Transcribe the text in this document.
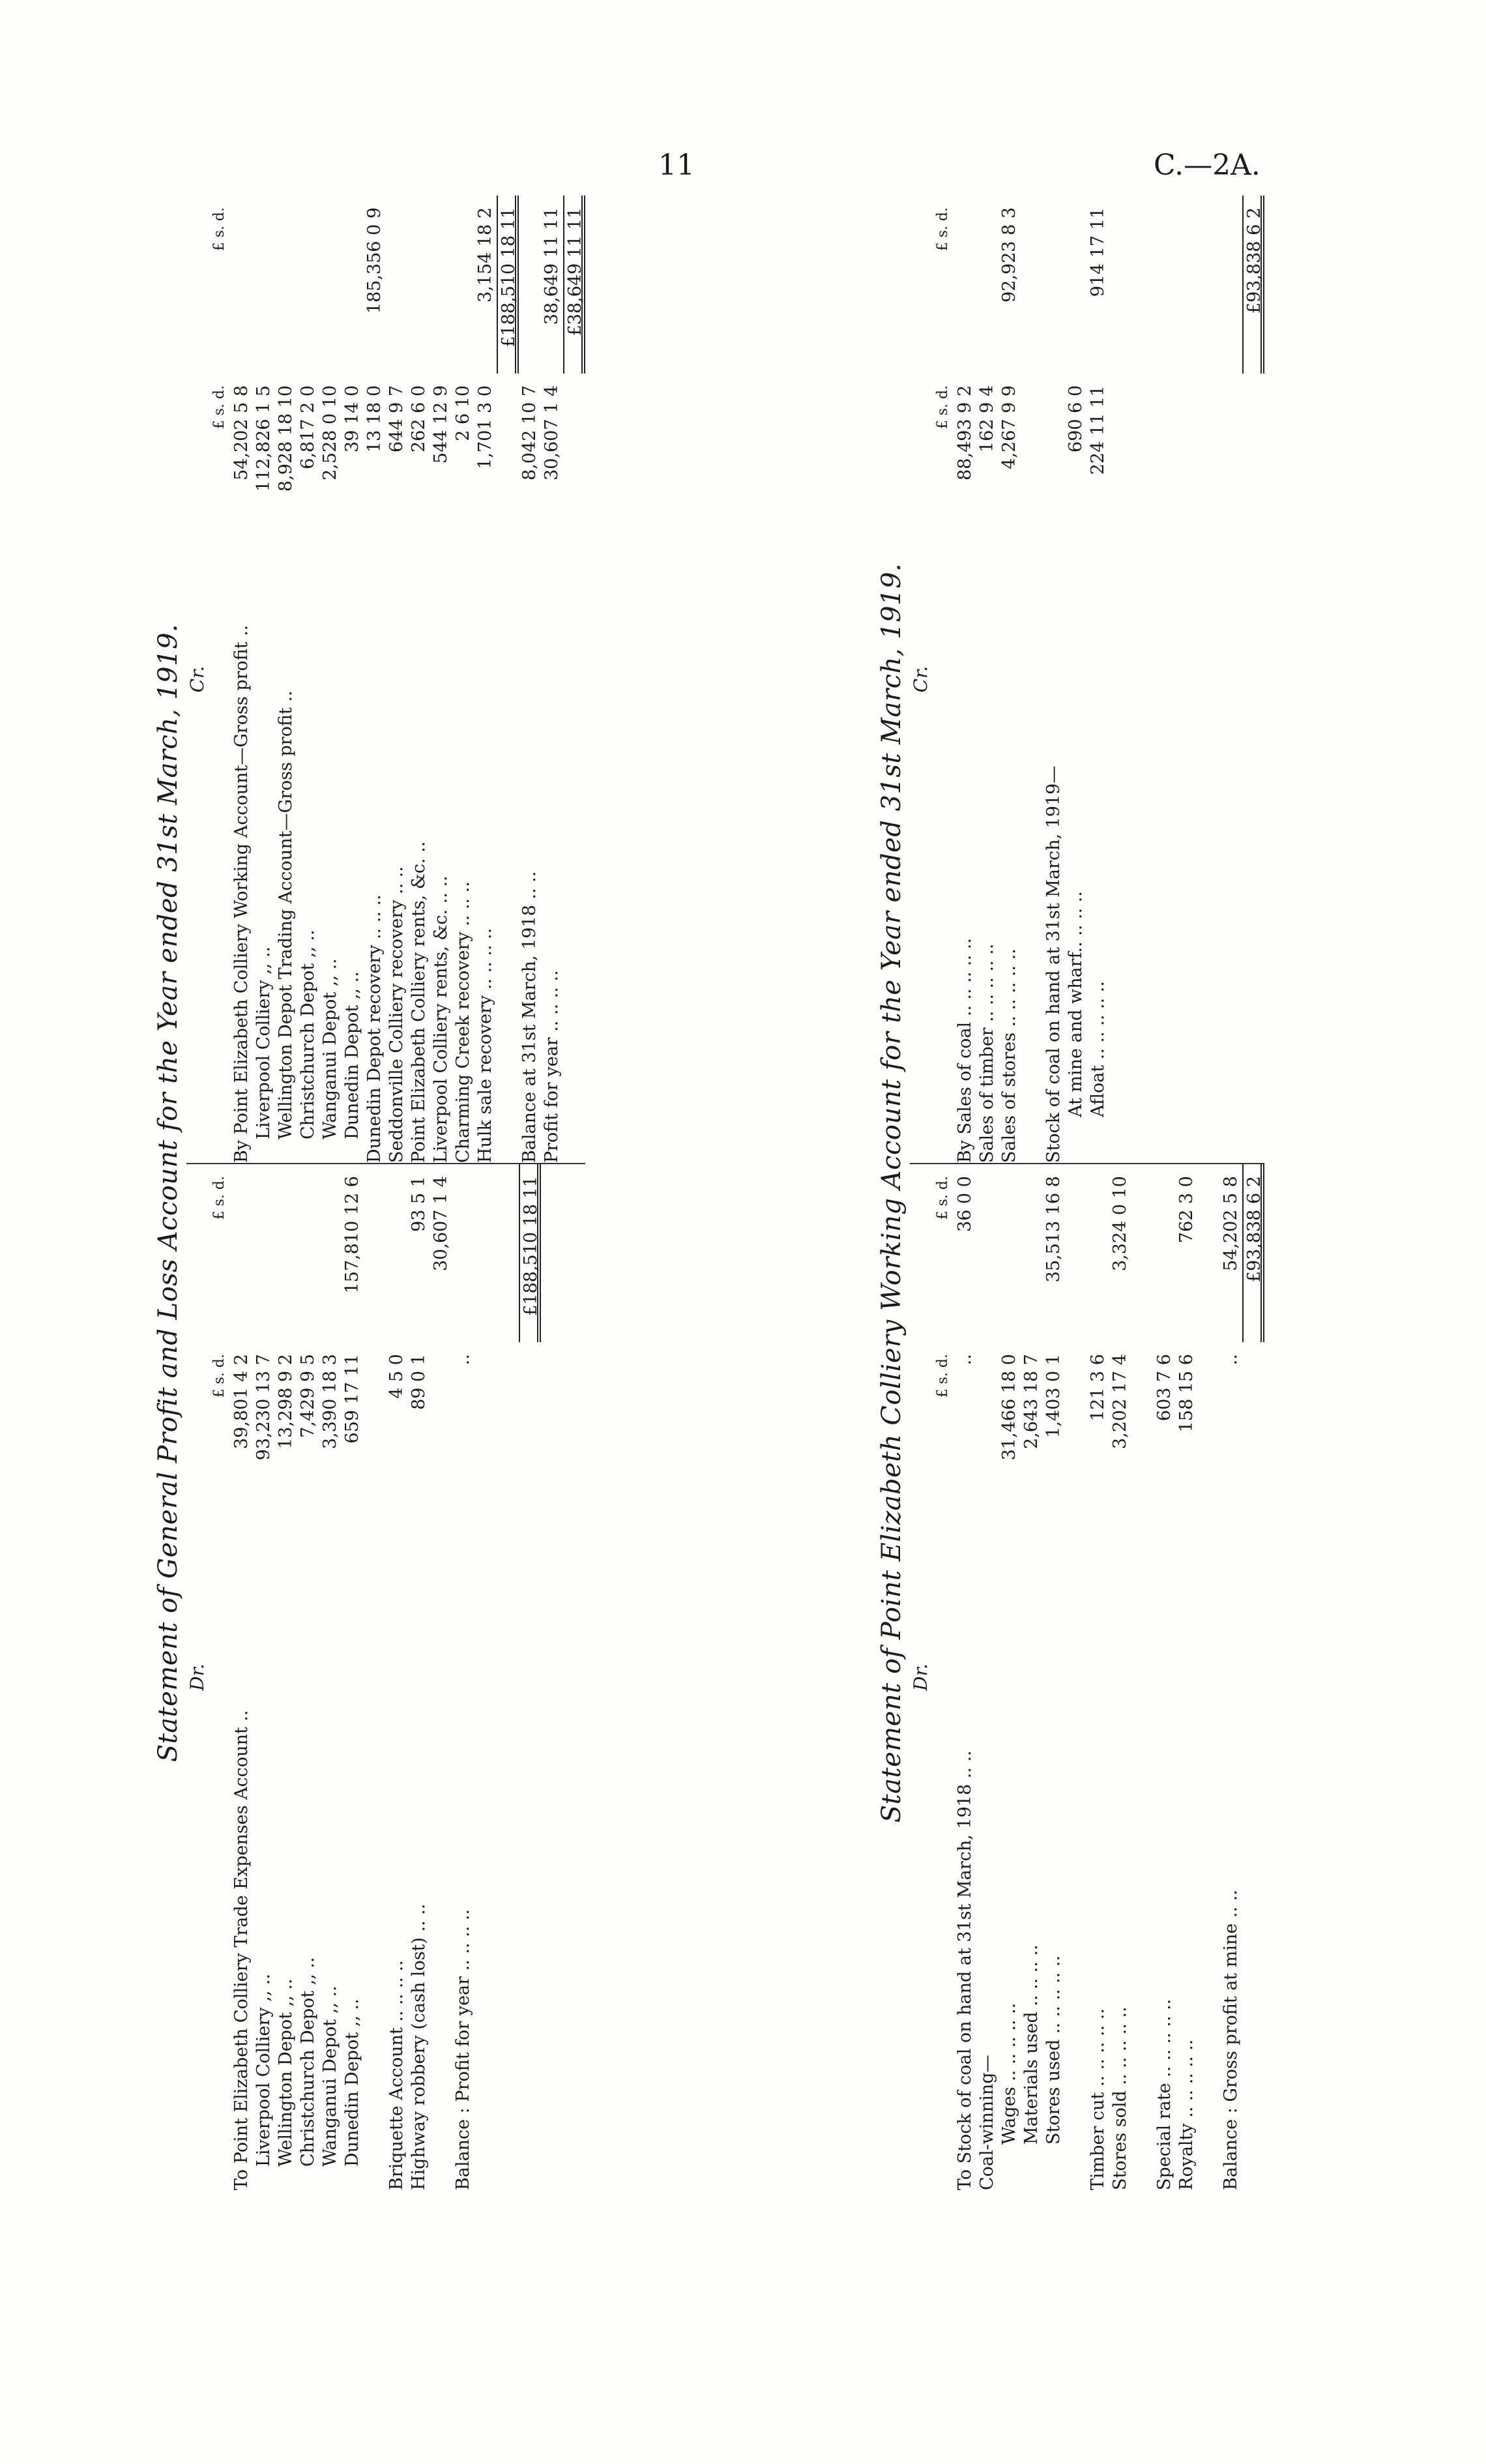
11	C.—2A.
Statement of General Profit and Loss Account for the Year ended 31st March, 1919. Dr.
£ s. d.
£ s. d.
To Point Elizabeth Colliery Trade Expenses Account ..
39,801 4 2
Liverpool Colliery ,, ..
93,230 13 7
Wellington Depot ,, ..
13,298 9 2
Christchurch Depot ,, ..
7,429 9 5
Wanganui Depot ,, ..
3,390 18 3
Dunedin Depot ,, ..
659 17 11
157,810 12 6
Briquette Account .. .. .. ..
4 5 0
Highway robbery (cash lost) .. ..
89 0 1
93 5 1 30,607 1 4
Balance : Profit for year .. .. .. ..
..
£188,510 18 11
Cr.
£ s. d.
£ s. d.
By Point Elizabeth Colliery Working Account—Gross profit ..
54,202 5 8
Liverpool Colliery ,, ..
112,826 1 5
Wellington Depot Trading Account—Gross profit ..
8,928 18 10
Christchurch Depot ,, ..
6,817 2 0
Wanganui Depot ,, ..
2,528 0 10
Dunedin Depot ,, ..
39 14 0
Dunedin Depot recovery .. .. ..
13 18 0
185,356 0 9
Seddonville Colliery recovery .. ..
644 9 7
Point Elizabeth Colliery rents, &c. ..
262 6 0
Liverpool Colliery rents, &c. .. ..
544 12 9
Charming Creek recovery .. .. ..
2 6 10
Hulk sale recovery .. .. .. ..
1,701 3 0
3,154 18 2 £188,510 18 11
Balance at 31st March, 1918 .. ..
8,042 10 7
Profit for year .. .. .. ..
30,607 1 4
38,649 11 11 £38,649 11 11
Statement of Point Elizabeth Colliery Working Account for the Year ended 31st March, 1919. Dr.
£ s. d.
£ s. d.
To Stock of coal on hand at 31st March, 1918 .. ..
..
36 0 0
Coal-winning— Wages .. .. .. .. ..
31,466 18 0
Materials used .. .. .. ..
2,643 18 7
Stores used .. .. .. .. ..
1,403 0 1
35,513 16 8
Timber cut .. .. .. .. ..
121 3 6
Stores sold .. .. .. .. ..
3,202 17 4
3,324 0 10
Special rate .. .. .. .. ..
603 7 6
Royalty .. .. .. .. ..
158 15 6
762 3 0
Balance : Gross profit at mine .. ..
..
54,202 5 8 £93,838 6 2
Cr.
£ s. d.
£ s. d.
By Sales of coal .. .. .. .. ..
88,493 9 2
Sales of timber .. .. .. .. ..
162 9 4
Sales of stores .. .. .. .. ..
4,267 9 9
92,923 8 3
Stock of coal on hand at 31st March, 1919— At mine and wharf.. .. .. ..
690 6 0
Afloat .. .. .. .. ..
224 11 11
914 17 11	£93,838 6 2
